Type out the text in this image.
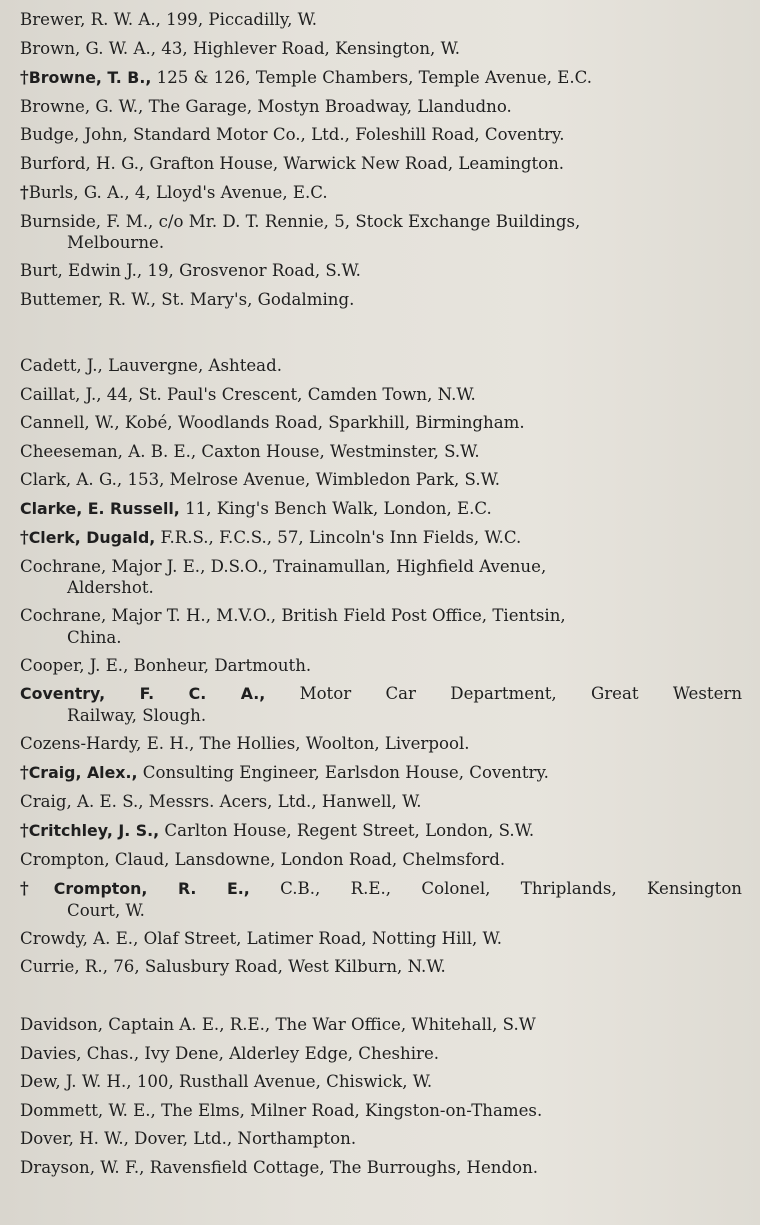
Brewer, R. W. A., 199, Piccadilly, W.
Brown, G. W. A., 43, Highlever Road, Kensington, W.
†Browne, T. B., 125 & 126, Temple Chambers, Temple Avenue, E.C.
Browne, G. W., The Garage, Mostyn Broadway, Llandudno.
Budge, John, Standard Motor Co., Ltd., Foleshill Road, Coventry.
Burford, H. G., Grafton House, Warwick New Road, Leamington.
†Burls, G. A., 4, Lloyd's Avenue, E.C.
Burnside, F. M., c/o Mr. D. T. Rennie, 5, Stock Exchange Buildings,
Melbourne.
Burt, Edwin J., 19, Grosvenor Road, S.W.
Buttemer, R. W., St. Mary's, Godalming.
Cadett, J., Lauvergne, Ashtead.
Caillat, J., 44, St. Paul's Crescent, Camden Town, N.W.
Cannell, W., Kobé, Woodlands Road, Sparkhill, Birmingham.
Cheeseman, A. B. E., Caxton House, Westminster, S.W.
Clark, A. G., 153, Melrose Avenue, Wimbledon Park, S.W.
Clarke, E. Russell, 11, King's Bench Walk, London, E.C.
†Clerk, Dugald, F.R.S., F.C.S., 57, Lincoln's Inn Fields, W.C.
Cochrane, Major J. E., D.S.O., Trainamullan, Highfield Avenue,
Aldershot.
Cochrane, Major T. H., M.V.O., British Field Post Office, Tientsin,
China.
Cooper, J. E., Bonheur, Dartmouth.
Coventry, F. C. A., Motor Car Department, Great Western
Railway, Slough.
Cozens-Hardy, E. H., The Hollies, Woolton, Liverpool.
†Craig, Alex., Consulting Engineer, Earlsdon House, Coventry.
Craig, A. E. S., Messrs. Acers, Ltd., Hanwell, W.
†Critchley, J. S., Carlton House, Regent Street, London, S.W.
Crompton, Claud, Lansdowne, London Road, Chelmsford.
†Crompton, R. E., C.B., R.E., Colonel, Thriplands, Kensington
Court, W.
Crowdy, A. E., Olaf Street, Latimer Road, Notting Hill, W.
Currie, R., 76, Salusbury Road, West Kilburn, N.W.
Davidson, Captain A. E., R.E., The War Office, Whitehall, S.W
Davies, Chas., Ivy Dene, Alderley Edge, Cheshire.
Dew, J. W. H., 100, Rusthall Avenue, Chiswick, W.
Dommett, W. E., The Elms, Milner Road, Kingston-on-Thames.
Dover, H. W., Dover, Ltd., Northampton.
Drayson, W. F., Ravensfield Cottage, The Burroughs, Hendon.
